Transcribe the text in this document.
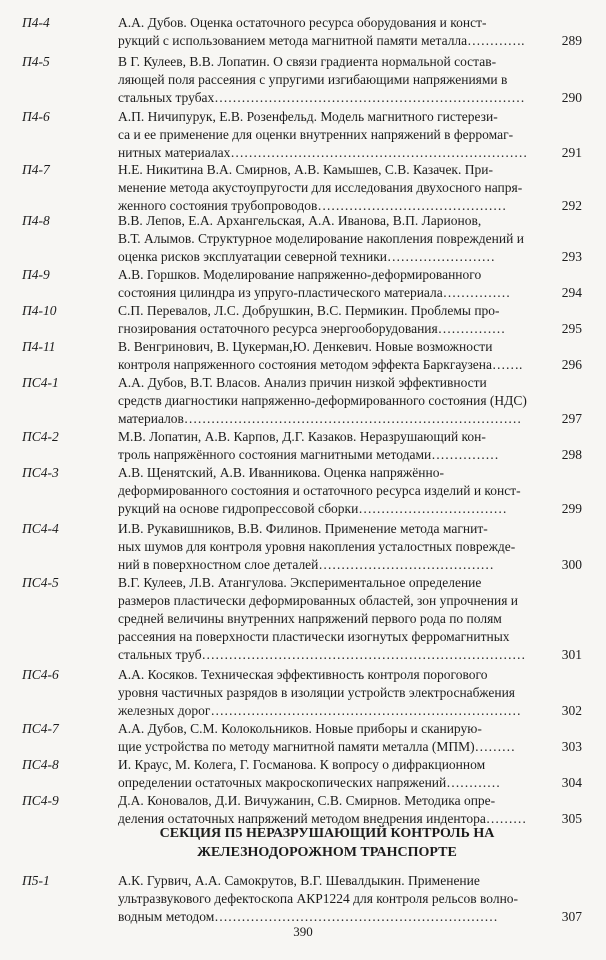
П4-4	А.А. Дубов. Оценка остаточного ресурса оборудования и конст-
рукций с использованием метода магнитной памяти металла………….	289
П4-5	В Г. Кулеев, В.В. Лопатин. О связи градиента нормальной состав-
ляющей поля рассеяния с упругими изгибающими напряжениями в
стальных трубах……………………………………………………………	290
П4-6	А.П. Ничипурук, Е.В. Розенфельд. Модель магнитного гистерези-
са и ее применение для оценки внутренних напряжений в ферромаг-
нитных материалах…………………………………………………………	291
П4-7	Н.Е. Никитина В.А. Смирнов, А.В. Камышев, С.В. Казачек. При-
менение метода акустоупругости для исследования двухосного напря-
женного состояния трубопроводов……………………………………	292
П4-8	В.В. Лепов, Е.А. Архангельская, А.А. Иванова, В.П. Ларионов,
В.Т. Алымов. Структурное моделирование накопления повреждений и
оценка рисков эксплуатации северной техники……………………	293
П4-9	А.В. Горшков. Моделирование напряженно-деформированного
состояния цилиндра из упруго-пластического материала……………	294
П4-10	С.П. Перевалов, Л.С. Добрушкин, В.С. Пермикин. Проблемы про-
гнозирования остаточного ресурса энергооборудования……………	295
П4-11	В. Венгринович, В. Цукерман,Ю. Денкевич. Новые возможности
контроля напряженного состояния методом эффекта Баркгаузена…….	296
ПС4-1	А.А. Дубов, В.Т. Власов. Анализ причин низкой эффективности
средств диагностики напряженно-деформированного состояния (НДС)
материалов…………………………………………………………………	297
ПС4-2	М.В. Лопатин, А.В. Карпов, Д.Г. Казаков. Неразрушающий кон-
троль напряжённого состояния магнитными методами……………	298
ПС4-3	А.В. Щенятский, А.В. Иванникова. Оценка напряжённо-
деформированного состояния и остаточного ресурса изделий и конст-
рукций на основе гидропрессовой сборки……………………………	299
ПС4-4	И.В. Рукавишников, В.В. Филинов. Применение метода магнит-
ных шумов для контроля уровня накопления усталостных поврежде-
ний в поверхностном слое деталей…………………………………	300
ПС4-5	В.Г. Кулеев, Л.В. Атангулова. Экспериментальное определение
размеров пластически деформированных областей, зон упрочнения и
средней величины внутренних напряжений первого рода по полям
рассеяния на поверхности пластически изогнутых ферромагнитных
стальных труб………………………………………………………………	301
ПС4-6	А.А. Косяков. Техническая эффективность контроля порогового
уровня частичных разрядов в изоляции устройств электроснабжения
железных дорог……………………………………………………………	302
ПС4-7	А.А. Дубов, С.М. Колокольников. Новые приборы и сканирую-
щие устройства по методу магнитной памяти металла (МПМ)………	303
ПС4-8	И. Краус, М. Колега, Г. Госманова. К вопросу о дифракционном
определении остаточных макроскопических напряжений…………	304
ПС4-9	Д.А. Коновалов, Д.И. Вичужанин, С.В. Смирнов. Методика опре-
деления остаточных напряжений методом внедрения индентора………	305
СЕКЦИЯ П5 НЕРАЗРУШАЮЩИЙ КОНТРОЛЬ НА
ЖЕЛЕЗНОДОРОЖНОМ ТРАНСПОРТЕ
П5-1	А.К. Гурвич, А.А. Самокрутов, В.Г. Шевалдыкин. Применение
ультразвукового дефектоскопа АКР1224 для контроля рельсов волно-
водным методом………………………………………………………	307
390
